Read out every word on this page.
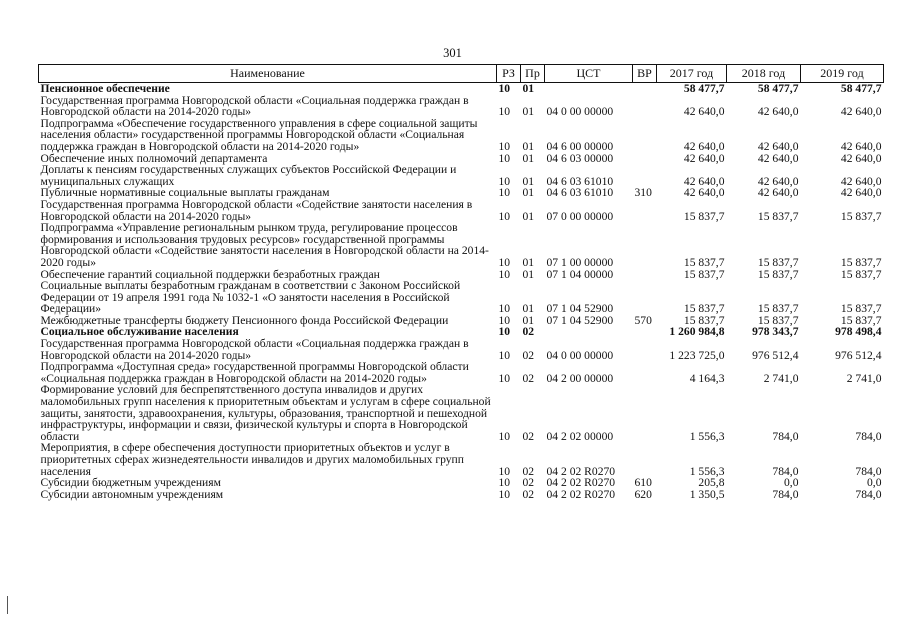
301
Наименование	РЗ	Пр	ЦСТ	ВР	2017 год	2018 год	2019 год
Пенсионное обеспечение	10	01			58 477,7	58 477,7	58 477,7
Государственная программа Новгородской области «Социальная поддержка граждан в Новгородской области на 2014-2020 годы»	10	01	04 0 00 00000		42 640,0	42 640,0	42 640,0
Подпрограмма «Обеспечение государственного управления в сфере социальной защиты населения области» государственной программы Новгородской области «Социальная поддержка граждан в Новгородской области на 2014-2020 годы»	10	01	04 6 00 00000		42 640,0	42 640,0	42 640,0
Обеспечение иных полномочий департамента	10	01	04 6 03 00000		42 640,0	42 640,0	42 640,0
Доплаты к пенсиям государственных служащих субъектов Российской Федерации и муниципальных служащих	10	01	04 6 03 61010		42 640,0	42 640,0	42 640,0
Публичные нормативные социальные выплаты гражданам	10	01	04 6 03 61010	310	42 640,0	42 640,0	42 640,0
Государственная программа Новгородской области «Содействие занятости населения в Новгородской области на 2014-2020 годы»	10	01	07 0 00 00000		15 837,7	15 837,7	15 837,7
Подпрограмма «Управление региональным рынком труда, регулирование процессов формирования и использования трудовых ресурсов» государственной программы Новгородской области «Содействие занятости населения в Новгородской области на 2014-2020 годы»	10	01	07 1 00 00000		15 837,7	15 837,7	15 837,7
Обеспечение гарантий социальной поддержки безработных граждан	10	01	07 1 04 00000		15 837,7	15 837,7	15 837,7
Социальные выплаты безработным гражданам в соответствии с Законом Российской Федерации от 19 апреля 1991 года № 1032-1 «О занятости населения в Российской Федерации»	10	01	07 1 04 52900		15 837,7	15 837,7	15 837,7
Межбюджетные трансферты бюджету Пенсионного фонда Российской Федерации	10	01	07 1 04 52900	570	15 837,7	15 837,7	15 837,7
Социальное обслуживание населения	10	02			1 260 984,8	978 343,7	978 498,4
Государственная программа Новгородской области «Социальная поддержка граждан в Новгородской области на 2014-2020 годы»	10	02	04 0 00 00000		1 223 725,0	976 512,4	976 512,4
Подпрограмма «Доступная среда» государственной программы Новгородской области «Социальная поддержка граждан в Новгородской области на 2014-2020 годы»	10	02	04 2 00 00000		4 164,3	2 741,0	2 741,0
Формирование условий для беспрепятственного доступа инвалидов и других маломобильных групп населения к приоритетным объектам и услугам в сфере социальной защиты, занятости, здравоохранения, культуры, образования, транспортной и пешеходной инфраструктуры, информации и связи, физической культуры и спорта в Новгородской области	10	02	04 2 02 00000		1 556,3	784,0	784,0
Мероприятия, в сфере обеспечения доступности приоритетных объектов и услуг в приоритетных сферах жизнедеятельности инвалидов и других маломобильных групп населения	10	02	04 2 02 R0270		1 556,3	784,0	784,0
Субсидии бюджетным учреждениям	10	02	04 2 02 R0270	610	205,8	0,0	0,0
Субсидии автономным учреждениям	10	02	04 2 02 R0270	620	1 350,5	784,0	784,0
